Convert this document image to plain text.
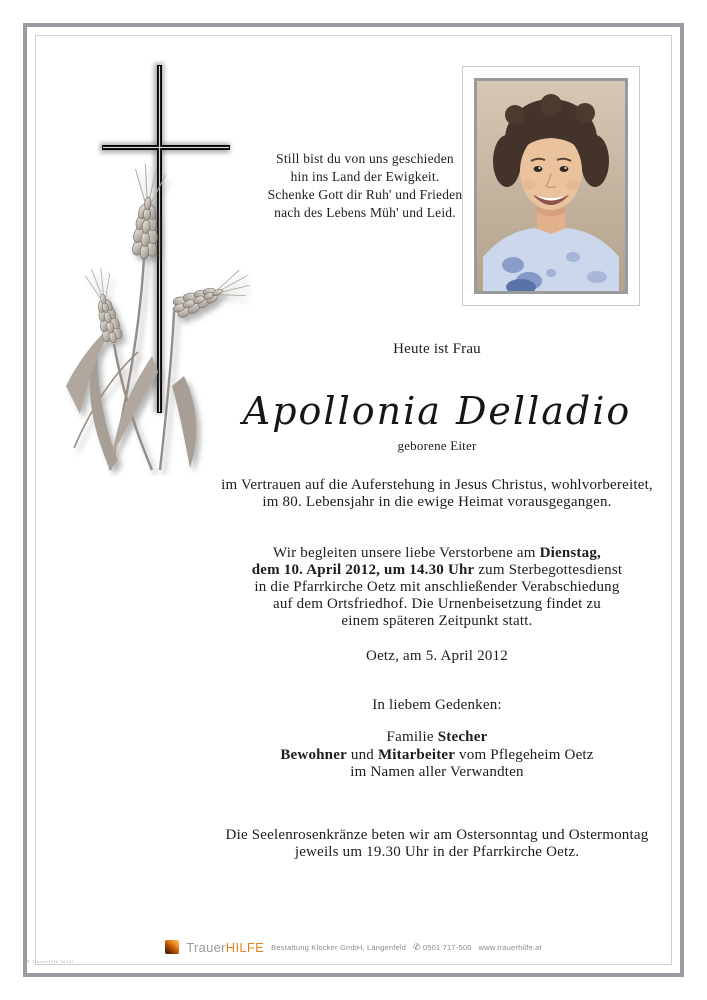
Still bist du von uns geschieden
hin ins Land der Ewigkeit.
Schenke Gott dir Ruh' und Frieden
nach des Lebens Müh' und Leid.
Heute ist Frau
Apollonia Delladio
geborene Eiter
im Vertrauen auf die Auferstehung in Jesus Christus, wohlvorbereitet,
im 80. Lebensjahr in die ewige Heimat vorausgegangen.
Wir begleiten unsere liebe Verstorbene am Dienstag,
dem 10. April 2012, um 14.30 Uhr zum Sterbegottesdienst
in die Pfarrkirche Oetz mit anschließender Verabschiedung
auf dem Ortsfriedhof. Die Urnenbeisetzung findet zu
einem späteren Zeitpunkt statt.
Oetz, am 5. April 2012
In liebem Gedenken:
Familie Stecher
Bewohner und Mitarbeiter vom Pflegeheim Oetz
im Namen aller Verwandten
Die Seelenrosenkränze beten wir am Ostersonntag und Ostermontag
jeweils um 19.30 Uhr in der Pfarrkirche Oetz.
TrauerHILFE Bestattung Klocker GmbH, Längenfeld ✆ 0501 717-500 www.trauerhilfe.at
© TrauerHilfe 26437
